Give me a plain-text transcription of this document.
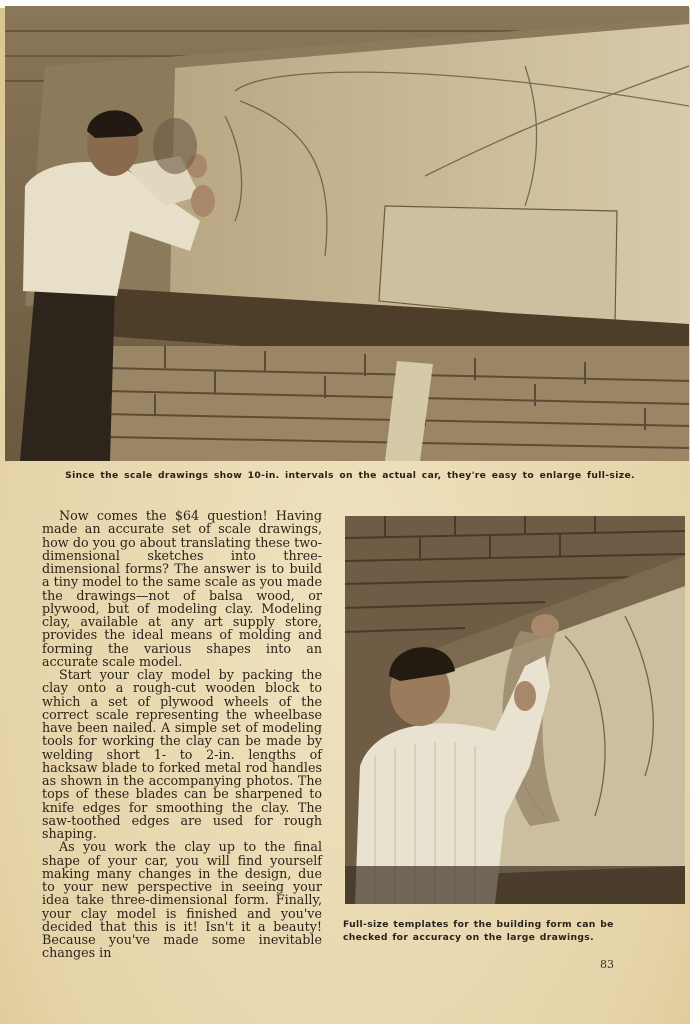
Since the scale drawings show 10-in. intervals on the actual car, they're easy to enlarge full-size.

Now comes the $64 question! Having made an accurate set of scale drawings, how do you go about translating these two-dimensional sketches into three-dimensional forms? The answer is to build a tiny model to the same scale as you made the drawings—not of balsa wood, or plywood, but of modeling clay. Modeling clay, available at any art supply store, provides the ideal means of molding and forming the various shapes into an accurate scale model.

Start your clay model by packing the clay onto a rough-cut wooden block to which a set of plywood wheels of the correct scale representing the wheelbase have been nailed. A simple set of modeling tools for working the clay can be made by welding short 1- to 2-in. lengths of hacksaw blade to forked metal rod handles as shown in the accompanying photos. The tops of these blades can be sharpened to knife edges for smoothing the clay. The saw-toothed edges are used for rough shaping.

As you work the clay up to the final shape of your car, you will find yourself making many changes in the design, due to your new perspective in seeing your idea take three-dimensional form. Finally, your clay model is finished and you've decided that this is it! Isn't it a beauty! Because you've made some inevitable changes in

Full-size templates for the building form can be checked for accuracy on the large drawings.
83
